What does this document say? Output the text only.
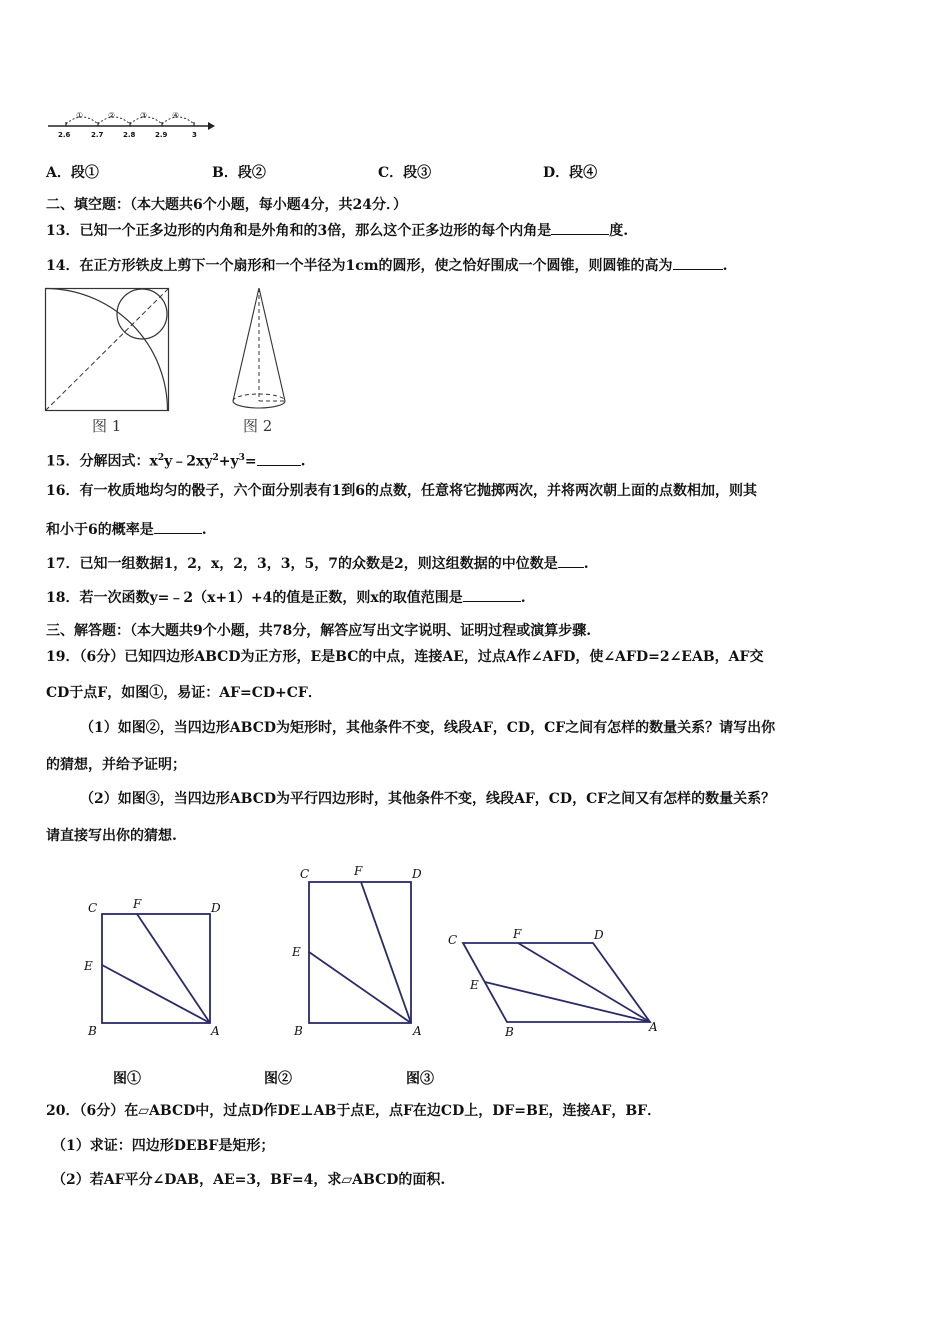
①	②	③	④
2.6	2.7	2.8	2.9	3
A．段①	B．段②	C．段③	D．段④
二、填空题：（本大题共6个小题，每小题4分，共24分．）
13．已知一个正多边形的内角和是外角和的3倍，那么这个正多边形的每个内角是	度.
14．在正方形铁皮上剪下一个扇形和一个半径为1cm的圆形，使之恰好围成一个圆锥，则圆锥的高为	.
图 1	图 2
15．分解因式：$x^2y﹣2xy^2+y^3=$	.
16．有一枚质地均匀的骰子，六个面分别表有1到6的点数，任意将它抛掷两次，并将两次朝上面的点数相加，则其
和小于6的概率是	.
17．已知一组数据1，2，x，2，3，3，5，7的众数是2，则这组数据的中位数是 .
18．若一次函数y=﹣2（x+1）+4的值是正数，则x的取值范围是	.
三、解答题：（本大题共9个小题，共78分，解答应写出文字说明、证明过程或演算步骤.
19．（6分）已知四边形ABCD为正方形，E是BC的中点，连接AE，过点A作∠AFD，使∠AFD=2∠EAB，AF交
CD于点F，如图①，易证：AF=CD+CF．
（1）如图②，当四边形ABCD为矩形时，其他条件不变，线段AF，CD，CF之间有怎样的数量关系？请写出你
的猜想，并给予证明；
（2）如图③，当四边形ABCD为平行四边形时，其他条件不变，线段AF，CD，CF之间又有怎样的数量关系？
请直接写出你的猜想.
C	F	D
E
B	A
C	F	D
E
B	A
C	F	D
E
B	A
图①	图②	图③
20．（6分）在▱ABCD中，过点D作DE⊥AB于点E，点F在边CD上，DF=BE，连接AF，BF．
（1）求证：四边形DEBF是矩形；
（2）若AF平分∠DAB，AE=3，BF=4，求▱ABCD的面积.
